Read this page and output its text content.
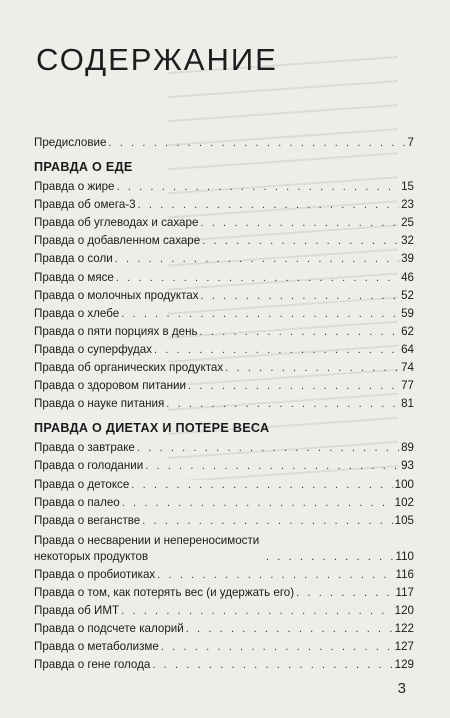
СОДЕРЖАНИЕ
Предисловие . . .	7
ПРАВДА О ЕДЕ
Правда о жире . . .	15
Правда об омега-3 . . .	23
Правда об углеводах и сахаре . . .	25
Правда о добавленном сахаре . . .	32
Правда о соли . . .	39
Правда о мясе . . .	46
Правда о молочных продуктах . . .	52
Правда о хлебе . . .	59
Правда о пяти порциях в день . . .	62
Правда о суперфудах . . .	64
Правда об органических продуктах . . .	74
Правда о здоровом питании . . .	77
Правда о науке питания . . .	81
ПРАВДА О ДИЕТАХ И ПОТЕРЕ ВЕСА
Правда о завтраке . . .	89
Правда о голодании . . .	93
Правда о детоксе . . .	100
Правда о палео . . .	102
Правда о веганстве . . .	105
Правда о несварении и непереносимости некоторых продуктов . . .	110
Правда о пробиотиках . . .	116
Правда о том, как потерять вес (и удержать его) . . .	117
Правда об ИМТ . . .	120
Правда о подсчете калорий . . .	122
Правда о метаболизме . . .	127
Правда о гене голода . . .	129
3
